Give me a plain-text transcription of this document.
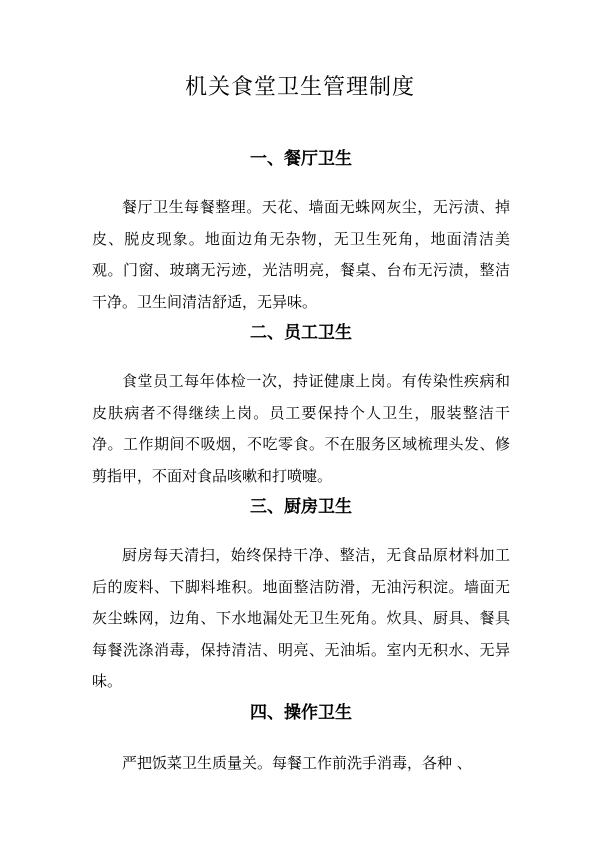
机关食堂卫生管理制度
一、餐厅卫生

餐厅卫生每餐整理。天花、墙面无蛛网灰尘，无污渍、掉皮、脱皮现象。地面边角无杂物，无卫生死角，地面清洁美观。门窗、玻璃无污迹，光洁明亮，餐桌、台布无污渍，整洁干净。卫生间清洁舒适，无异味。

二、员工卫生

食堂员工每年体检一次，持证健康上岗。有传染性疾病和皮肤病者不得继续上岗。员工要保持个人卫生，服装整洁干净。工作期间不吸烟，不吃零食。不在服务区域梳理头发、修剪指甲，不面对食品咳嗽和打喷嚏。

三、厨房卫生

厨房每天清扫，始终保持干净、整洁，无食品原材料加工后的废料、下脚料堆积。地面整洁防滑，无油污积淀。墙面无灰尘蛛网，边角、下水地漏处无卫生死角。炊具、厨具、餐具每餐洗涤消毒，保持清洁、明亮、无油垢。室内无积水、无异味。

四、操作卫生

严把饭菜卫生质量关。每餐工作前洗手消毒，各种 、
